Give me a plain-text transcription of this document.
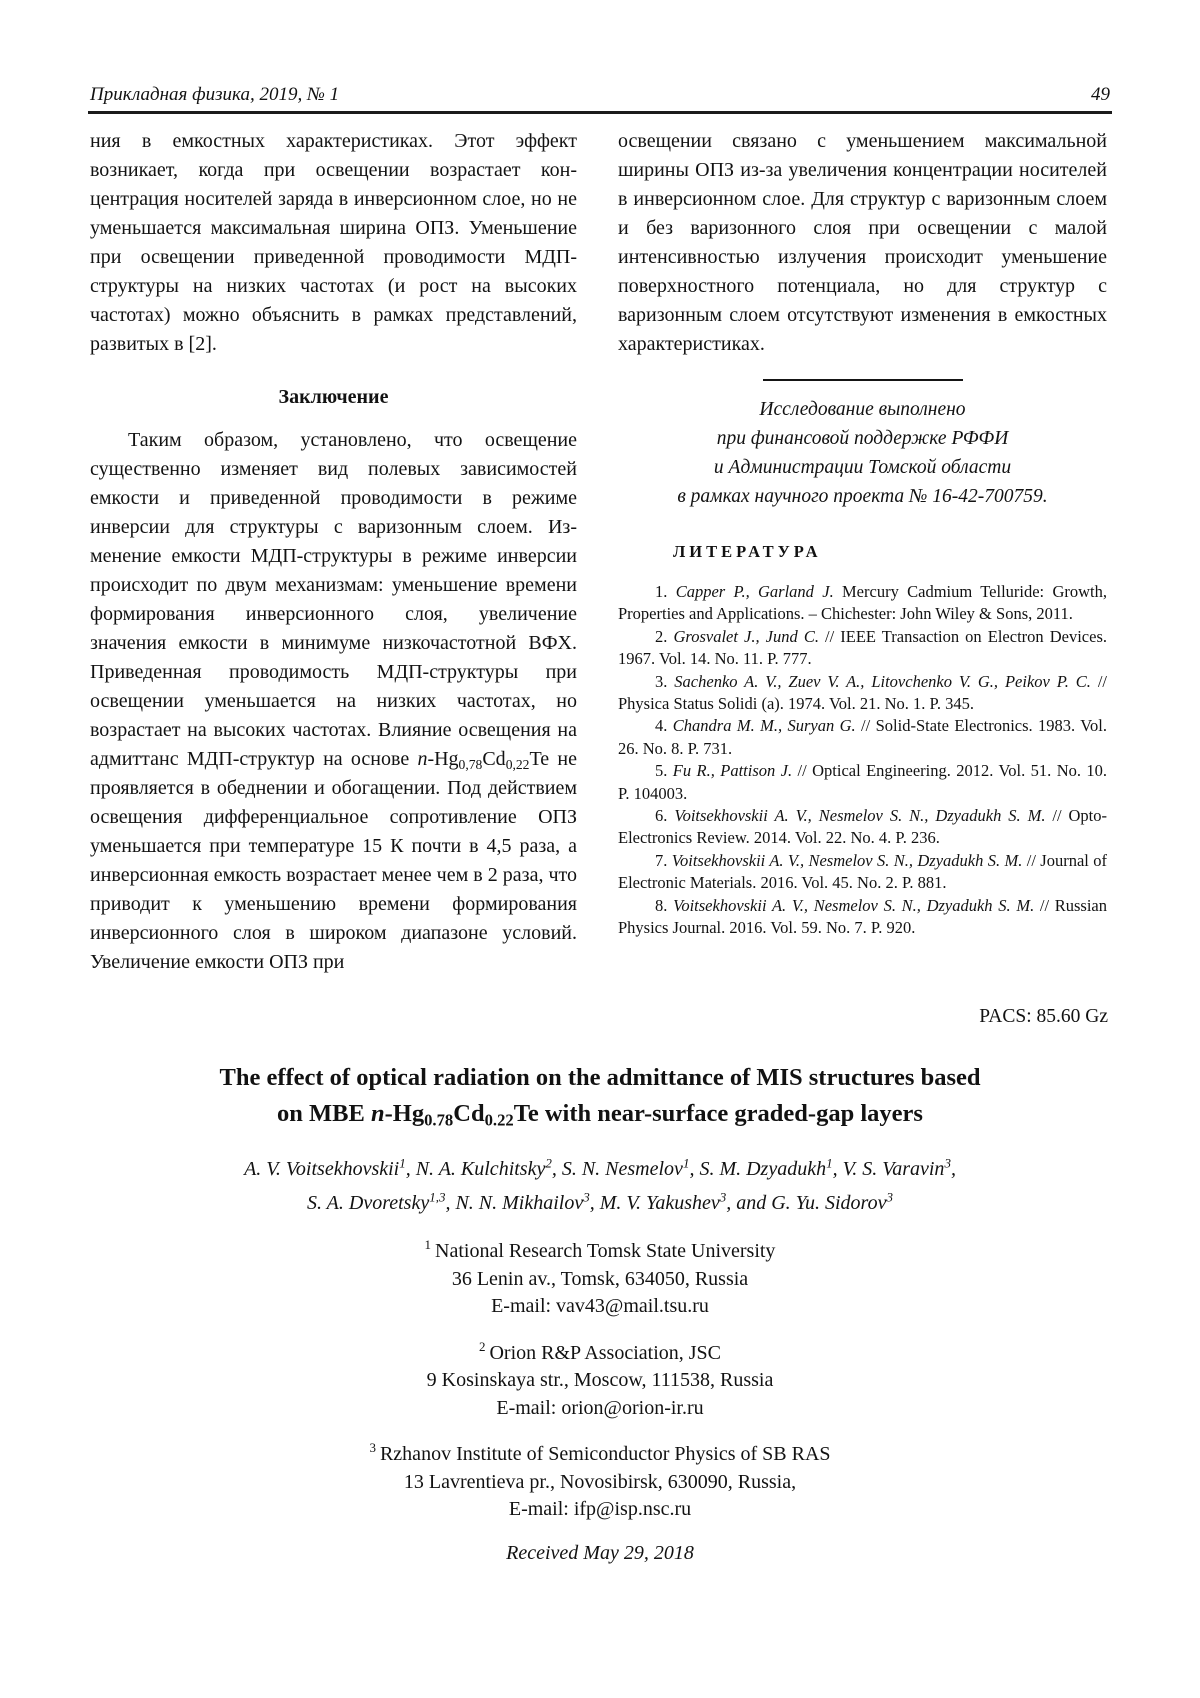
Прикладная физика, 2019, № 1	49

ния в емкостных характеристиках. Этот эффект возникает, когда при освещении возрастает концентрация носителей заряда в инверсионном слое, но не уменьшается максимальная ширина ОПЗ. Уменьшение при освещении приведенной проводимости МДП-структуры на низких частотах (и рост на высоких частотах) можно объяснить в рамках представлений, развитых в [2].

Заключение

Таким образом, установлено, что освещение существенно изменяет вид полевых зависимостей емкости и приведенной проводимости в режиме инверсии для структуры с варизонным слоем. Изменение емкости МДП-структуры в режиме инверсии происходит по двум механизмам: уменьшение времени формирования инверсионного слоя, увеличение значения емкости в минимуме низкочастотной ВФХ. Приведенная проводимость МДП-структуры при освещении уменьшается на низких частотах, но возрастает на высоких частотах. Влияние освещения на адмиттанс МДП-структур на основе $n-Hg_{0,78}Cd_{0,22}Te$ не проявляется в обеднении и обогащении. Под действием освещения дифференциальное сопротивление ОПЗ уменьшается при температуре 15 К почти в 4,5 раза, а инверсионная емкость возрастает менее чем в 2 раза, что приводит к уменьшению времени формирования инверсионного слоя в широком диапазоне условий. Увеличение емкости ОПЗ при

освещении связано с уменьшением максимальной ширины ОПЗ из-за увеличения концентрации носителей в инверсионном слое. Для структур с варизонным слоем и без варизонного слоя при освещении с малой интенсивностью излучения происходит уменьшение поверхностного потенциала, но для структур с варизонным слоем отсутствуют изменения в емкостных характеристиках.

Исследование выполнено
при финансовой поддержке РФФИ
и Администрации Томской области
в рамках научного проекта № 16-42-700759.
ЛИТЕРАТУРА

1. Capper P., Garland J. Mercury Cadmium Telluride: Growth, Properties and Applications. – Chichester: John Wiley & Sons, 2011.

2. Grosvalet J., Jund C. // IEEE Transaction on Electron Devices. 1967. Vol. 14. No. 11. P. 777.

3. Sachenko A. V., Zuev V. A., Litovchenko V. G., Peikov P. C. // Physica Status Solidi (a). 1974. Vol. 21. No. 1. P. 345.

4. Chandra M. M., Suryan G. // Solid-State Electronics. 1983. Vol. 26. No. 8. P. 731.

5. Fu R., Pattison J. // Optical Engineering. 2012. Vol. 51. No. 10. P. 104003.

6. Voitsekhovskii A. V., Nesmelov S. N., Dzyadukh S. M. // Opto-Electronics Review. 2014. Vol. 22. No. 4. P. 236.

7. Voitsekhovskii A. V., Nesmelov S. N., Dzyadukh S. M. // Journal of Electronic Materials. 2016. Vol. 45. No. 2. P. 881.

8. Voitsekhovskii A. V., Nesmelov S. N., Dzyadukh S. M. // Russian Physics Journal. 2016. Vol. 59. No. 7. P. 920.

PACS: 85.60 Gz
The effect of optical radiation on the admittance of MIS structures based
on MBE $n-Hg_{0.78}Cd_{0.22}Te$ with near-surface graded-gap layers
A. V. Voitsekhovskii$^1$, N. A. Kulchitsky$^2$, S. N. Nesmelov$^1$, S. M. Dzyadukh$^1$, V. S. Varavin$^3$,
S. A. Dvoretsky$^{1,3}$, N. N. Mikhailov$^3$, M. V. Yakushev$^3$, and G. Yu. Sidorov$^3$
$^1$ National Research Tomsk State University
36 Lenin av., Tomsk, 634050, Russia
E-mail: vav43@mail.tsu.ru
$^2$ Orion R&P Association, JSC
9 Kosinskaya str., Moscow, 111538, Russia
E-mail: orion@orion-ir.ru
$^3$ Rzhanov Institute of Semiconductor Physics of SB RAS
13 Lavrentieva pr., Novosibirsk, 630090, Russia,
E-mail: ifp@isp.nsc.ru
Received May 29, 2018
